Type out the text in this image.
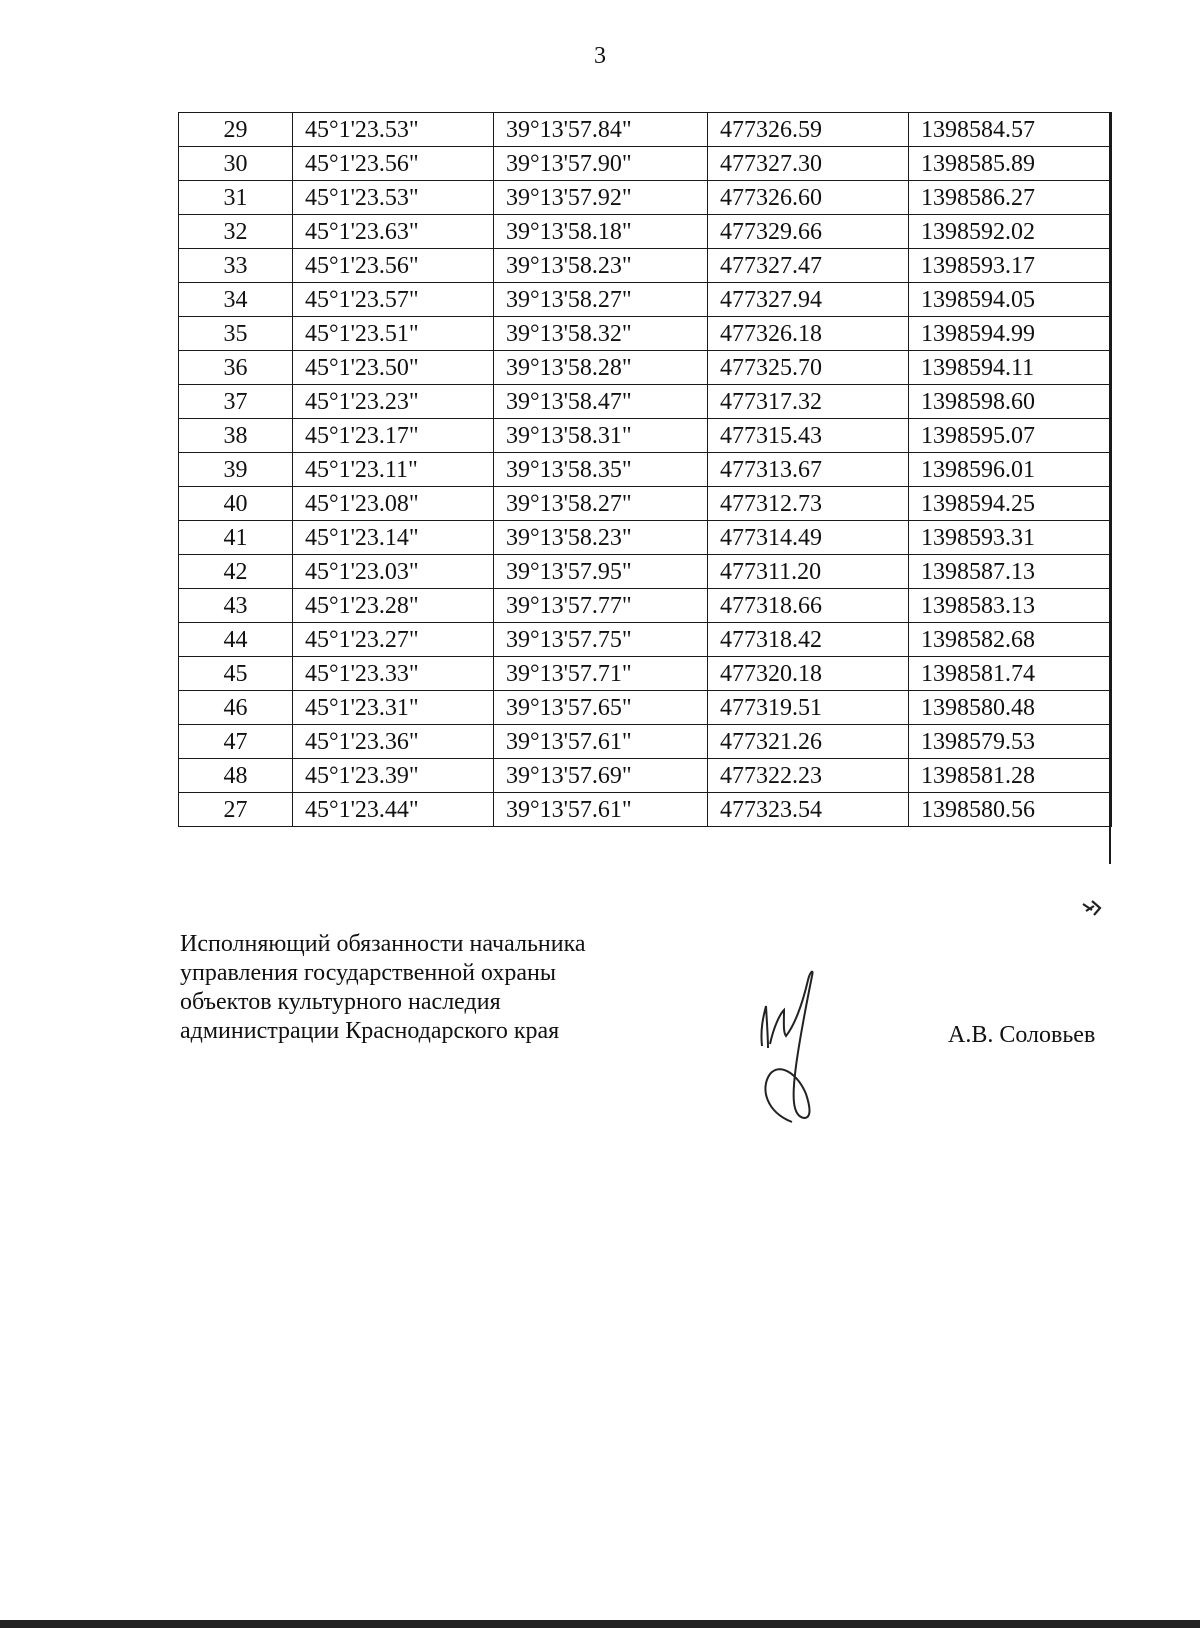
3
29	45°1'23.53"	39°13'57.84"	477326.59	1398584.57
30	45°1'23.56"	39°13'57.90"	477327.30	1398585.89
31	45°1'23.53"	39°13'57.92"	477326.60	1398586.27
32	45°1'23.63"	39°13'58.18"	477329.66	1398592.02
33	45°1'23.56"	39°13'58.23"	477327.47	1398593.17
34	45°1'23.57"	39°13'58.27"	477327.94	1398594.05
35	45°1'23.51"	39°13'58.32"	477326.18	1398594.99
36	45°1'23.50"	39°13'58.28"	477325.70	1398594.11
37	45°1'23.23"	39°13'58.47"	477317.32	1398598.60
38	45°1'23.17"	39°13'58.31"	477315.43	1398595.07
39	45°1'23.11"	39°13'58.35"	477313.67	1398596.01
40	45°1'23.08"	39°13'58.27"	477312.73	1398594.25
41	45°1'23.14"	39°13'58.23"	477314.49	1398593.31
42	45°1'23.03"	39°13'57.95"	477311.20	1398587.13
43	45°1'23.28"	39°13'57.77"	477318.66	1398583.13
44	45°1'23.27"	39°13'57.75"	477318.42	1398582.68
45	45°1'23.33"	39°13'57.71"	477320.18	1398581.74
46	45°1'23.31"	39°13'57.65"	477319.51	1398580.48
47	45°1'23.36"	39°13'57.61"	477321.26	1398579.53
48	45°1'23.39"	39°13'57.69"	477322.23	1398581.28
27	45°1'23.44"	39°13'57.61"	477323.54	1398580.56
Исполняющий обязанности начальника
управления государственной охраны
объектов культурного наследия
администрации Краснодарского края	А.В. Соловьев
